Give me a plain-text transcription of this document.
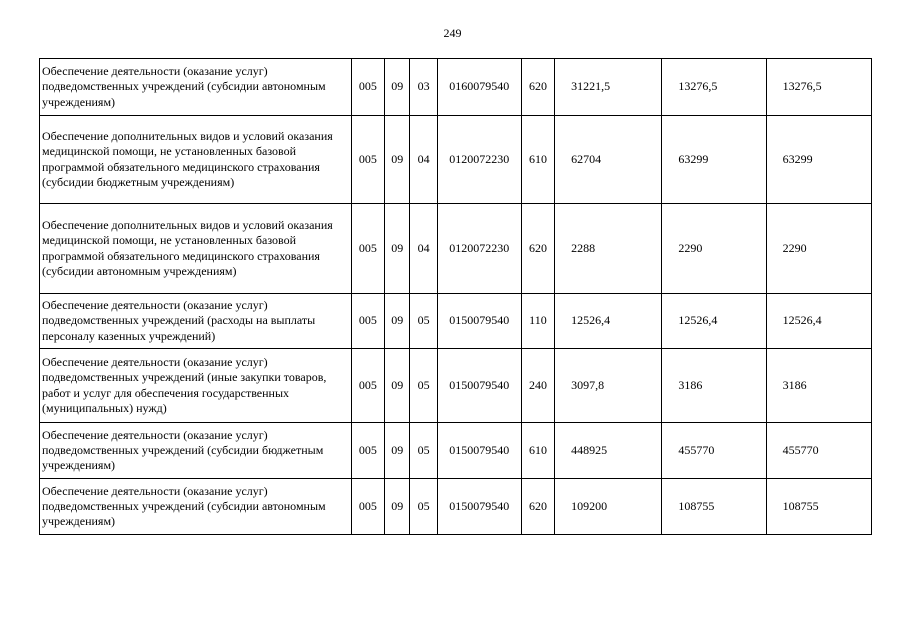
249
Обеспечение деятельности (оказание услуг) подведомственных учреждений (субсидии автономным учреждениям)	005	09	03	0160079540	620	31221,5	13276,5	13276,5
Обеспечение дополнительных видов и условий оказания медицинской помощи, не установленных базовой программой обязательного медицинского страхования (субсидии бюджетным учреждениям)	005	09	04	0120072230	610	62704	63299	63299
Обеспечение дополнительных видов и условий оказания медицинской помощи, не установленных базовой программой обязательного медицинского страхования (субсидии автономным учреждениям)	005	09	04	0120072230	620	2288	2290	2290
Обеспечение деятельности (оказание услуг) подведомственных учреждений (расходы на выплаты персоналу казенных учреждений)	005	09	05	0150079540	110	12526,4	12526,4	12526,4
Обеспечение деятельности (оказание услуг) подведомственных учреждений (иные закупки товаров, работ и услуг для обеспечения государственных (муниципальных) нужд)	005	09	05	0150079540	240	3097,8	3186	3186
Обеспечение деятельности (оказание услуг) подведомственных учреждений (субсидии бюджетным учреждениям)	005	09	05	0150079540	610	448925	455770	455770
Обеспечение деятельности (оказание услуг) подведомственных учреждений (субсидии автономным учреждениям)	005	09	05	0150079540	620	109200	108755	108755
